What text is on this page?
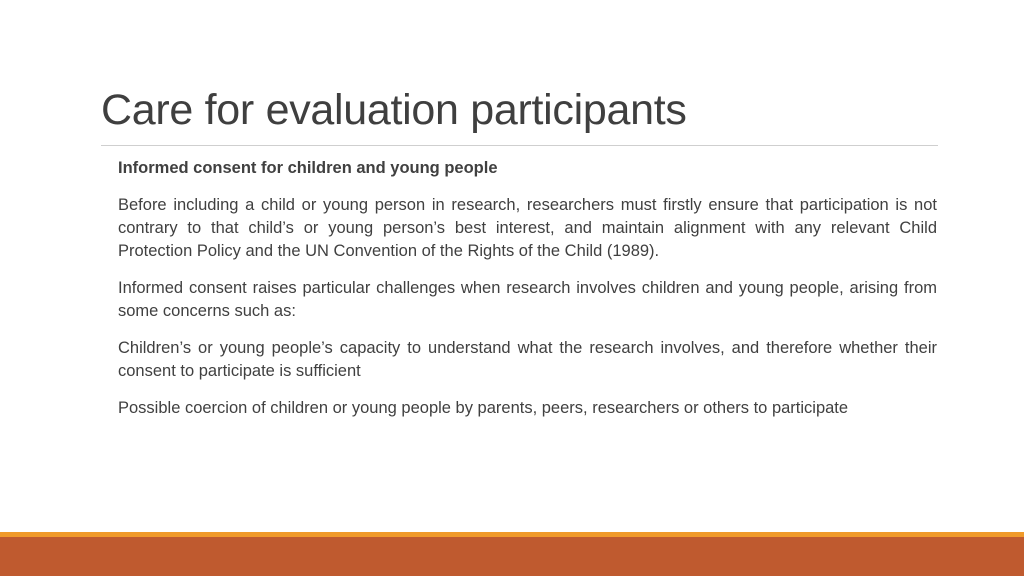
Care for evaluation participants

Informed consent for children and young people

Before including a child or young person in research, researchers must firstly ensure that participation is not contrary to that child’s or young person’s best interest, and maintain alignment with any relevant Child Protection Policy and the UN Convention of the Rights of the Child (1989).

Informed consent raises particular challenges when research involves children and young people, arising from some concerns such as:

Children’s or young people’s capacity to understand what the research involves, and therefore whether their consent to participate is sufficient

Possible coercion of children or young people by parents, peers, researchers or others to participate
